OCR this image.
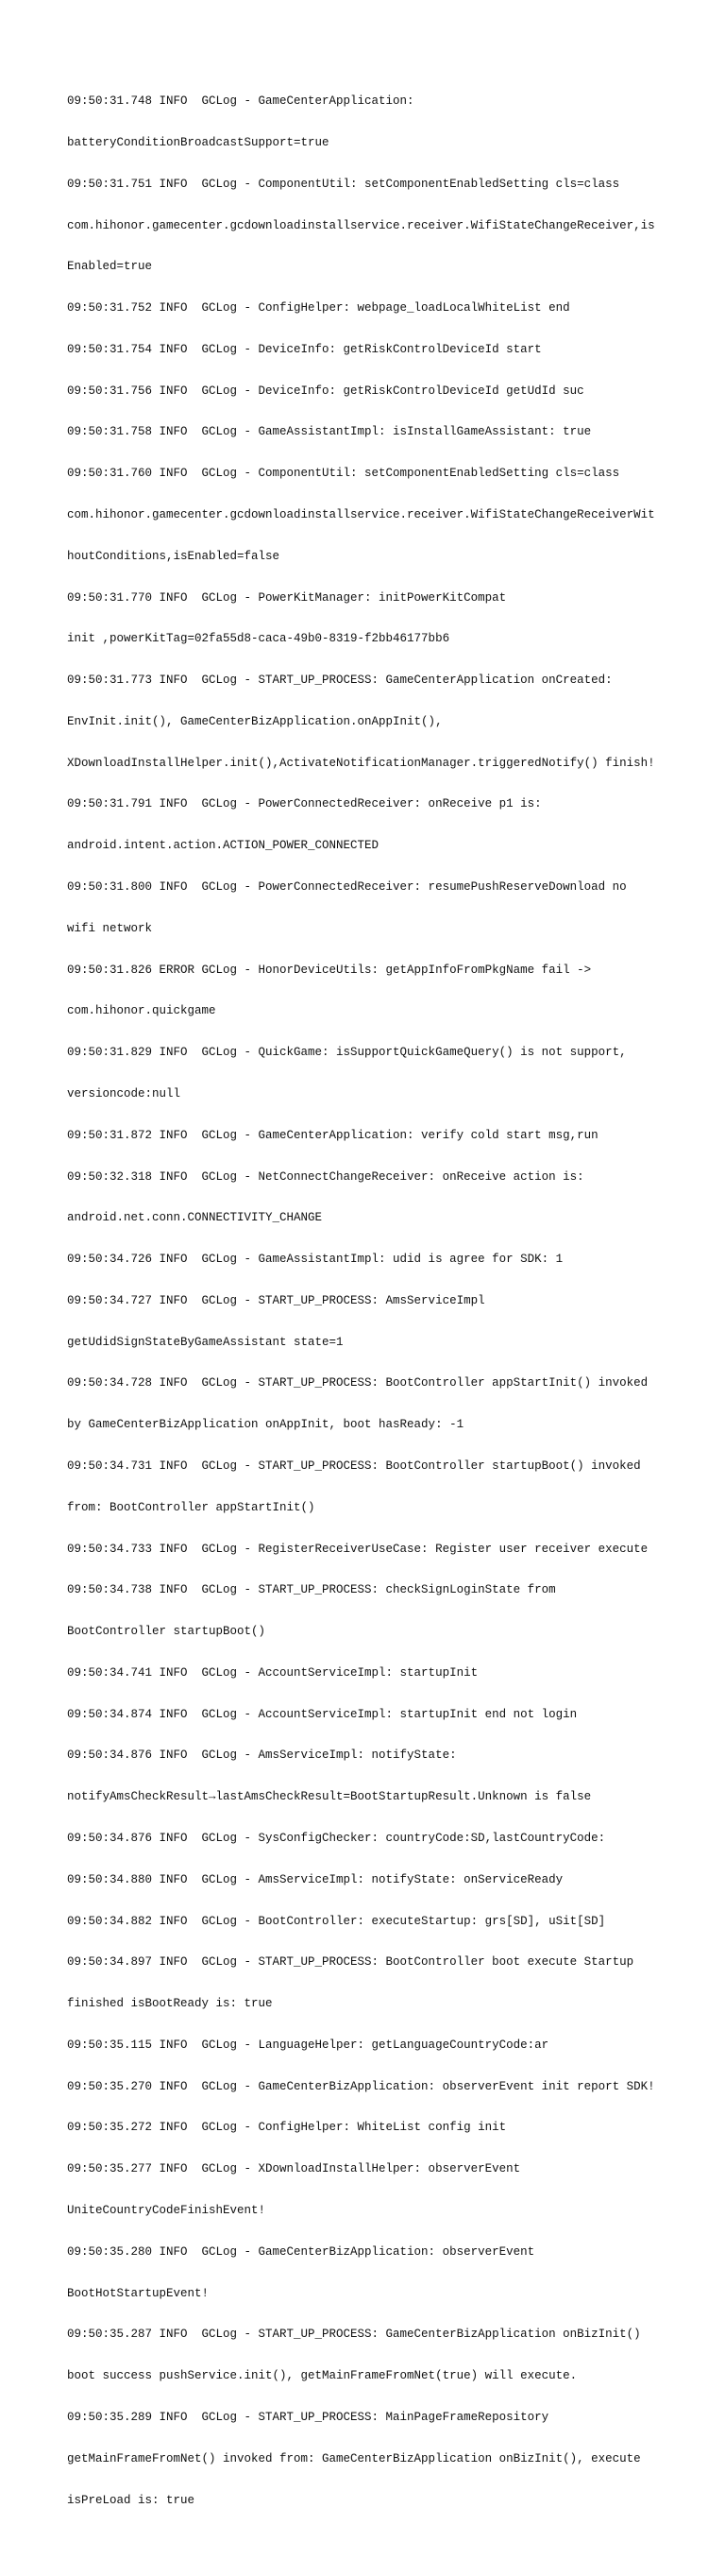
09:50:31.748 INFO  GCLog - GameCenterApplication:

batteryConditionBroadcastSupport=true

09:50:31.751 INFO  GCLog - ComponentUtil: setComponentEnabledSetting cls=class

com.hihonor.gamecenter.gcdownloadinstallservice.receiver.WifiStateChangeReceiver,is

Enabled=true

09:50:31.752 INFO  GCLog - ConfigHelper: webpage_loadLocalWhiteList end

09:50:31.754 INFO  GCLog - DeviceInfo: getRiskControlDeviceId start

09:50:31.756 INFO  GCLog - DeviceInfo: getRiskControlDeviceId getUdId suc

09:50:31.758 INFO  GCLog - GameAssistantImpl: isInstallGameAssistant: true

09:50:31.760 INFO  GCLog - ComponentUtil: setComponentEnabledSetting cls=class

com.hihonor.gamecenter.gcdownloadinstallservice.receiver.WifiStateChangeReceiverWit

houtConditions,isEnabled=false

09:50:31.770 INFO  GCLog - PowerKitManager: initPowerKitCompat

init ,powerKitTag=02fa55d8-caca-49b0-8319-f2bb46177bb6

09:50:31.773 INFO  GCLog - START_UP_PROCESS: GameCenterApplication onCreated:

EnvInit.init(), GameCenterBizApplication.onAppInit(),

XDownloadInstallHelper.init(),ActivateNotificationManager.triggeredNotify() finish!

09:50:31.791 INFO  GCLog - PowerConnectedReceiver: onReceive p1 is:

android.intent.action.ACTION_POWER_CONNECTED

09:50:31.800 INFO  GCLog - PowerConnectedReceiver: resumePushReserveDownload no

wifi network

09:50:31.826 ERROR GCLog - HonorDeviceUtils: getAppInfoFromPkgName fail ->

com.hihonor.quickgame

09:50:31.829 INFO  GCLog - QuickGame: isSupportQuickGameQuery() is not support,

versioncode:null

09:50:31.872 INFO  GCLog - GameCenterApplication: verify cold start msg,run

09:50:32.318 INFO  GCLog - NetConnectChangeReceiver: onReceive action is:

android.net.conn.CONNECTIVITY_CHANGE

09:50:34.726 INFO  GCLog - GameAssistantImpl: udid is agree for SDK: 1

09:50:34.727 INFO  GCLog - START_UP_PROCESS: AmsServiceImpl

getUdidSignStateByGameAssistant state=1

09:50:34.728 INFO  GCLog - START_UP_PROCESS: BootController appStartInit() invoked

by GameCenterBizApplication onAppInit, boot hasReady: -1

09:50:34.731 INFO  GCLog - START_UP_PROCESS: BootController startupBoot() invoked

from: BootController appStartInit()

09:50:34.733 INFO  GCLog - RegisterReceiverUseCase: Register user receiver execute

09:50:34.738 INFO  GCLog - START_UP_PROCESS: checkSignLoginState from

BootController startupBoot()

09:50:34.741 INFO  GCLog - AccountServiceImpl: startupInit

09:50:34.874 INFO  GCLog - AccountServiceImpl: startupInit end not login

09:50:34.876 INFO  GCLog - AmsServiceImpl: notifyState:

notifyAmsCheckResult→lastAmsCheckResult=BootStartupResult.Unknown is false

09:50:34.876 INFO  GCLog - SysConfigChecker: countryCode:SD,lastCountryCode:

09:50:34.880 INFO  GCLog - AmsServiceImpl: notifyState: onServiceReady

09:50:34.882 INFO  GCLog - BootController: executeStartup: grs[SD], uSit[SD]

09:50:34.897 INFO  GCLog - START_UP_PROCESS: BootController boot execute Startup

finished isBootReady is: true

09:50:35.115 INFO  GCLog - LanguageHelper: getLanguageCountryCode:ar

09:50:35.270 INFO  GCLog - GameCenterBizApplication: observerEvent init report SDK!

09:50:35.272 INFO  GCLog - ConfigHelper: WhiteList config init

09:50:35.277 INFO  GCLog - XDownloadInstallHelper: observerEvent

UniteCountryCodeFinishEvent!

09:50:35.280 INFO  GCLog - GameCenterBizApplication: observerEvent

BootHotStartupEvent!

09:50:35.287 INFO  GCLog - START_UP_PROCESS: GameCenterBizApplication onBizInit()

boot success pushService.init(), getMainFrameFromNet(true) will execute.

09:50:35.289 INFO  GCLog - START_UP_PROCESS: MainPageFrameRepository

getMainFrameFromNet() invoked from: GameCenterBizApplication onBizInit(), execute

isPreLoad is: true
